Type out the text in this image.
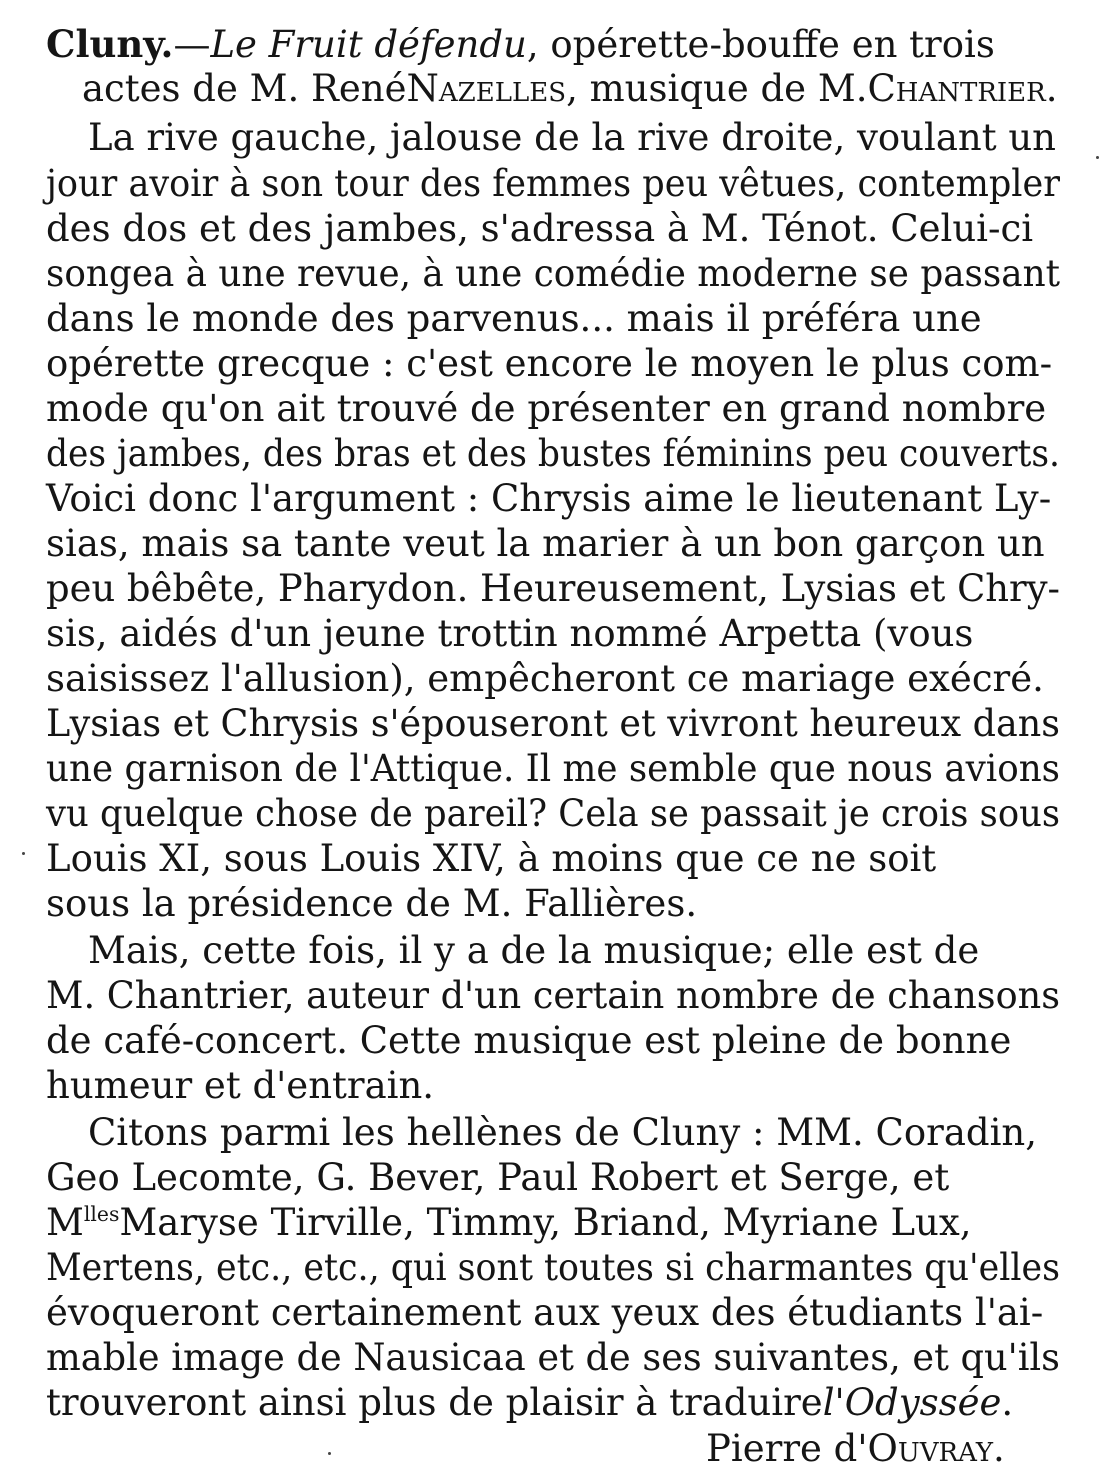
Cluny.—Le Fruit défendu, opérette-bouffe en trois
actes de M. RenéNazelles, musique de M.Chantrier.
La rive gauche, jalouse de la rive droite, voulant un
jour avoir à son tour des femmes peu vêtues, contempler
des dos et des jambes, s'adressa à M. Ténot. Celui-ci
songea à une revue, à une comédie moderne se passant
dans le monde des parvenus... mais il préféra une
opérette grecque : c'est encore le moyen le plus com-
mode qu'on ait trouvé de présenter en grand nombre
des jambes, des bras et des bustes féminins peu couverts.
Voici donc l'argument : Chrysis aime le lieutenant Ly-
sias, mais sa tante veut la marier à un bon garçon un
peu bêbête, Pharydon. Heureusement, Lysias et Chry-
sis, aidés d'un jeune trottin nommé Arpetta (vous
saisissez l'allusion), empêcheront ce mariage exécré.
Lysias et Chrysis s'épouseront et vivront heureux dans
une garnison de l'Attique. Il me semble que nous avions
vu quelque chose de pareil? Cela se passait je crois sous
Louis XI, sous Louis XIV, à moins que ce ne soit
sous la présidence de M. Fallières.
Mais, cette fois, il y a de la musique; elle est de
M. Chantrier, auteur d'un certain nombre de chansons
de café-concert. Cette musique est pleine de bonne
humeur et d'entrain.
Citons parmi les hellènes de Cluny : MM. Coradin,
Geo Lecomte, G. Bever, Paul Robert et Serge, et
$M^{lles}Maryse$ Tirville, Timmy, Briand, Myriane Lux,
Mertens, etc., etc., qui sont toutes si charmantes qu'elles
évoqueront certainement aux yeux des étudiants l'ai-
mable image de Nausicaa et de ses suivantes, et qu'ils
trouveront ainsi plus de plaisir à traduirel'Odyssée.
Pierre d'Ouvray.
